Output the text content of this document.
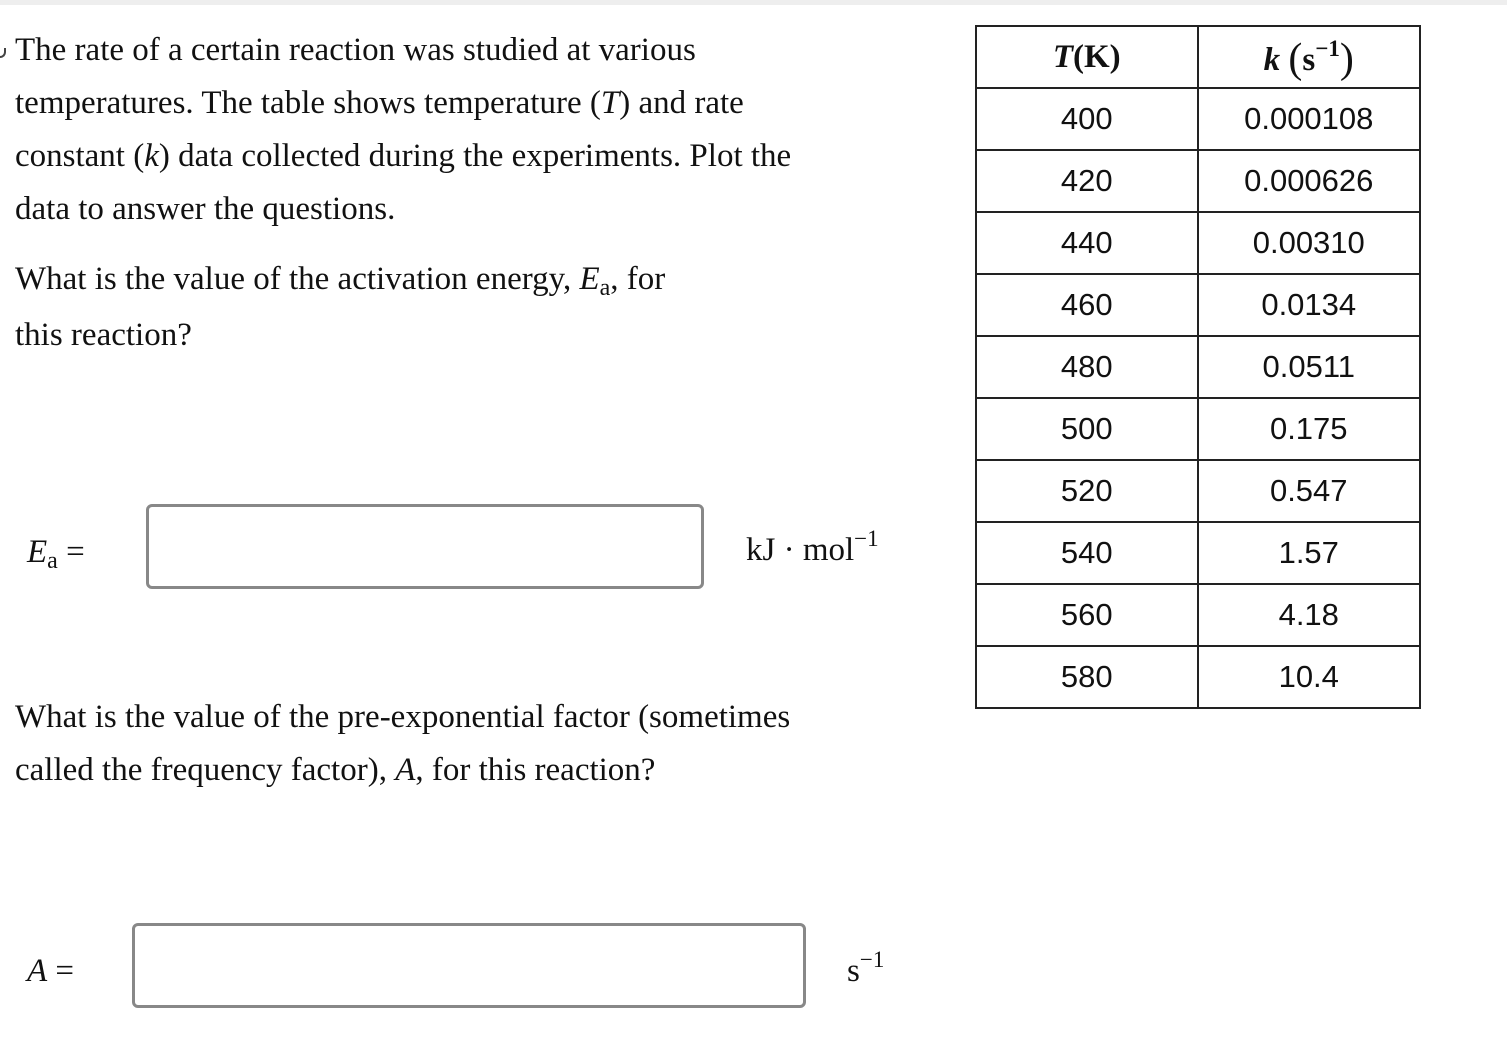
The rate of a certain reaction was studied at various
temperatures. The table shows temperature (T) and rate
constant (k) data collected during the experiments. Plot the
data to answer the questions.

What is the value of the activation energy, Ea, for
this reaction?

Ea =	kJ · mol$^{-1}$

What is the value of the pre-exponential factor (sometimes
called the frequency factor), A, for this reaction?

A =	$s^{-1}$
T(K)	k $(s^{-1})$
400	0.000108
420	0.000626
440	0.00310
460	0.0134
480	0.0511
500	0.175
520	0.547
540	1.57
560	4.18
580	10.4
